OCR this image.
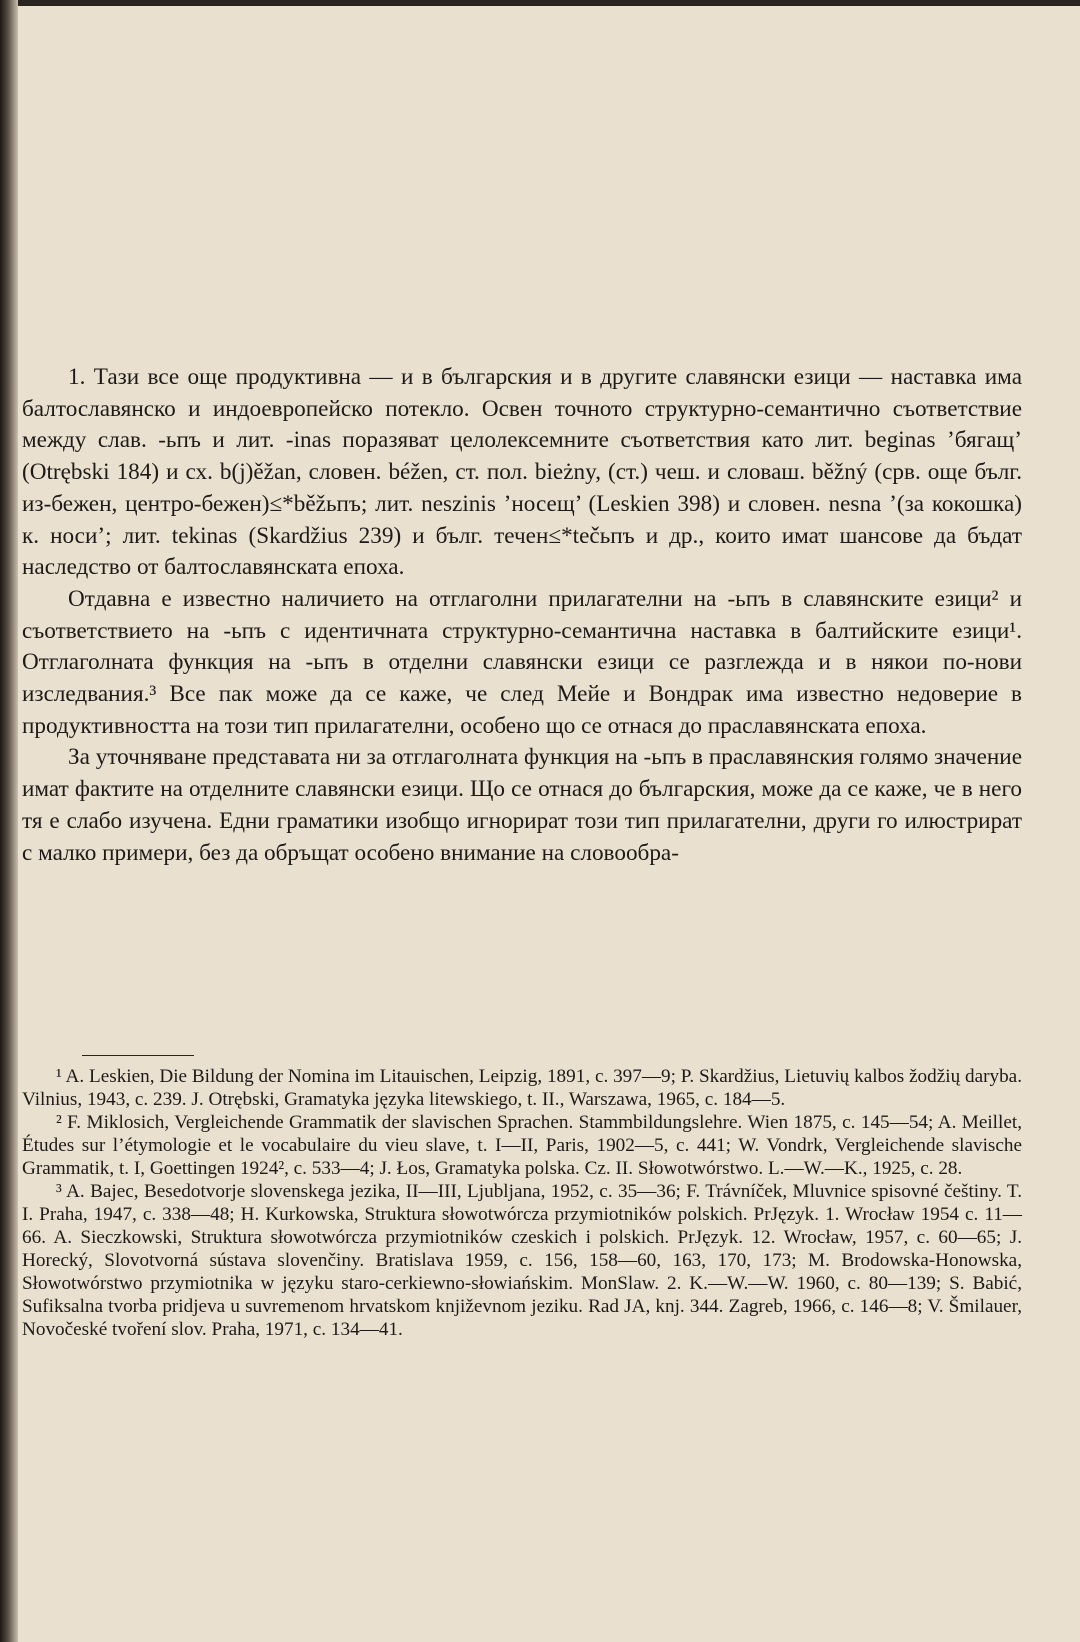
1. Тази все още продуктивна — и в българския и в другите славянски езици — наставка има балтославянско и индоевропейско потекло. Освен точното структурно-семантично съответствие между слав. -ьпъ и лит. -inas поразяват целолексемните съответствия като лит. beginas ’бягащ’ (Otrębski 184) и сх. b(j)ěžan, словен. béžen, ст. пол. bieżny, (ст.) чеш. и словаш. běžný (срв. още бълг. из-бежен, центро-бежен)≤*běžьпъ; лит. neszinis ’носещ’ (Leskien 398) и словен. nesna ’(за кокошка) к. носи’; лит. tekinas (Skardžius 239) и бълг. течен≤*tečьпъ и др., които имат шансове да бъдат наследство от балтославянската епоха.

Отдавна е известно наличието на отглаголни прилагателни на -ьпъ в славянските езици² и съответствието на -ьпъ с идентичната структурно-семантична наставка в балтийските езици¹. Отглаголната функция на -ьпъ в отделни славянски езици се разглежда и в някои по-нови изследвания.³ Все пак може да се каже, че след Мейе и Вондрак има известно недоверие в продуктивността на този тип прилагателни, особено що се отнася до праславянската епоха.

За уточняване представата ни за отглаголната функция на -ьпъ в праславянския голямо значение имат фактите на отделните славянски езици. Що се отнася до българския, може да се каже, че в него тя е слабо изучена. Едни граматики изобщо игнорират този тип прилагателни, други го илюстрират с малко примери, без да обръщат особено внимание на словообра-

¹ A. Leskien, Die Bildung der Nomina im Litauischen, Leipzig, 1891, c. 397—9; P. Skardžius, Lietuvių kalbos žodžių daryba. Vilnius, 1943, c. 239. J. Otrębski, Gramatyka języka litewskiego, t. II., Warszawa, 1965, c. 184—5.

² F. Miklosich, Vergleichende Grammatik der slavischen Sprachen. Stammbildungslehre. Wien 1875, c. 145—54; A. Meillet, Études sur l’étymologie et le vocabulaire du vieu slave, t. I—II, Paris, 1902—5, c. 441; W. Vondrk, Vergleichende slavische Grammatik, t. I, Goettingen 1924², c. 533—4; J. Łos, Gramatyka polska. Cz. II. Słowotwórstwo. L.—W.—K., 1925, c. 28.

³ A. Bajec, Besedotvorje slovenskega jezika, II—III, Ljubljana, 1952, c. 35—36; F. Trávníček, Mluvnice spisovné češtiny. T. I. Praha, 1947, c. 338—48; H. Kurkowska, Struktura słowotwórcza przymiotników polskich. PrJęzyk. 1. Wrocław 1954 c. 11—66. A. Sieczkowski, Struktura słowotwórcza przymiotników czeskich i polskich. PrJęzyk. 12. Wrocław, 1957, c. 60—65; J. Horecký, Slovotvorná sústava slovenčiny. Bratislava 1959, c. 156, 158—60, 163, 170, 173; M. Brodowska-Honowska, Słowotwórstwo przymiotnika w języku staro-cerkiewno-słowiańskim. MonSlaw. 2. K.—W.—W. 1960, c. 80—139; S. Babić, Sufiksalna tvorba pridjeva u suvremenom hrvatskom književnom jeziku. Rad JA, knj. 344. Zagreb, 1966, c. 146—8; V. Šmilauer, Novočeské tvoření slov. Praha, 1971, c. 134—41.
